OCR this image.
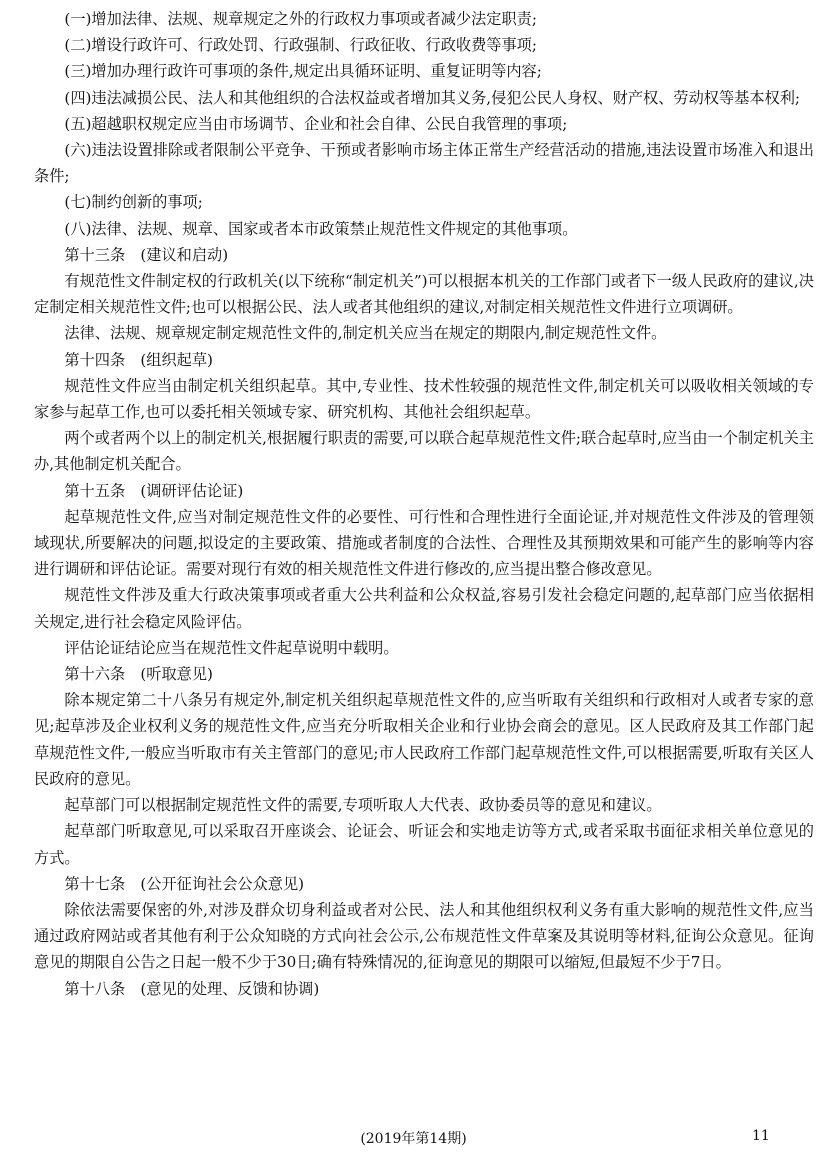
(一)增加法律、法规、规章规定之外的行政权力事项或者减少法定职责;

(二)增设行政许可、行政处罚、行政强制、行政征收、行政收费等事项;

(三)增加办理行政许可事项的条件,规定出具循环证明、重复证明等内容;

(四)违法减损公民、法人和其他组织的合法权益或者增加其义务,侵犯公民人身权、财产权、劳动权等基本权利;

(五)超越职权规定应当由市场调节、企业和社会自律、公民自我管理的事项;

(六)违法设置排除或者限制公平竞争、干预或者影响市场主体正常生产经营活动的措施,违法设置市场准入和退出条件;

(七)制约创新的事项;

(八)法律、法规、规章、国家或者本市政策禁止规范性文件规定的其他事项。

第十三条　(建议和启动)

有规范性文件制定权的行政机关(以下统称“制定机关”)可以根据本机关的工作部门或者下一级人民政府的建议,决定制定相关规范性文件;也可以根据公民、法人或者其他组织的建议,对制定相关规范性文件进行立项调研。

法律、法规、规章规定制定规范性文件的,制定机关应当在规定的期限内,制定规范性文件。

第十四条　(组织起草)

规范性文件应当由制定机关组织起草。其中,专业性、技术性较强的规范性文件,制定机关可以吸收相关领域的专家参与起草工作,也可以委托相关领域专家、研究机构、其他社会组织起草。

两个或者两个以上的制定机关,根据履行职责的需要,可以联合起草规范性文件;联合起草时,应当由一个制定机关主办,其他制定机关配合。

第十五条　(调研评估论证)

起草规范性文件,应当对制定规范性文件的必要性、可行性和合理性进行全面论证,并对规范性文件涉及的管理领域现状,所要解决的问题,拟设定的主要政策、措施或者制度的合法性、合理性及其预期效果和可能产生的影响等内容进行调研和评估论证。需要对现行有效的相关规范性文件进行修改的,应当提出整合修改意见。

规范性文件涉及重大行政决策事项或者重大公共利益和公众权益,容易引发社会稳定问题的,起草部门应当依据相关规定,进行社会稳定风险评估。

评估论证结论应当在规范性文件起草说明中载明。

第十六条　(听取意见)

除本规定第二十八条另有规定外,制定机关组织起草规范性文件的,应当听取有关组织和行政相对人或者专家的意见;起草涉及企业权利义务的规范性文件,应当充分听取相关企业和行业协会商会的意见。区人民政府及其工作部门起草规范性文件,一般应当听取市有关主管部门的意见;市人民政府工作部门起草规范性文件,可以根据需要,听取有关区人民政府的意见。

起草部门可以根据制定规范性文件的需要,专项听取人大代表、政协委员等的意见和建议。

起草部门听取意见,可以采取召开座谈会、论证会、听证会和实地走访等方式,或者采取书面征求相关单位意见的方式。

第十七条　(公开征询社会公众意见)

除依法需要保密的外,对涉及群众切身利益或者对公民、法人和其他组织权利义务有重大影响的规范性文件,应当通过政府网站或者其他有利于公众知晓的方式向社会公示,公布规范性文件草案及其说明等材料,征询公众意见。征询意见的期限自公告之日起一般不少于30日;确有特殊情况的,征询意见的期限可以缩短,但最短不少于7日。

第十八条　(意见的处理、反馈和协调)

(2019年第14期)	11
